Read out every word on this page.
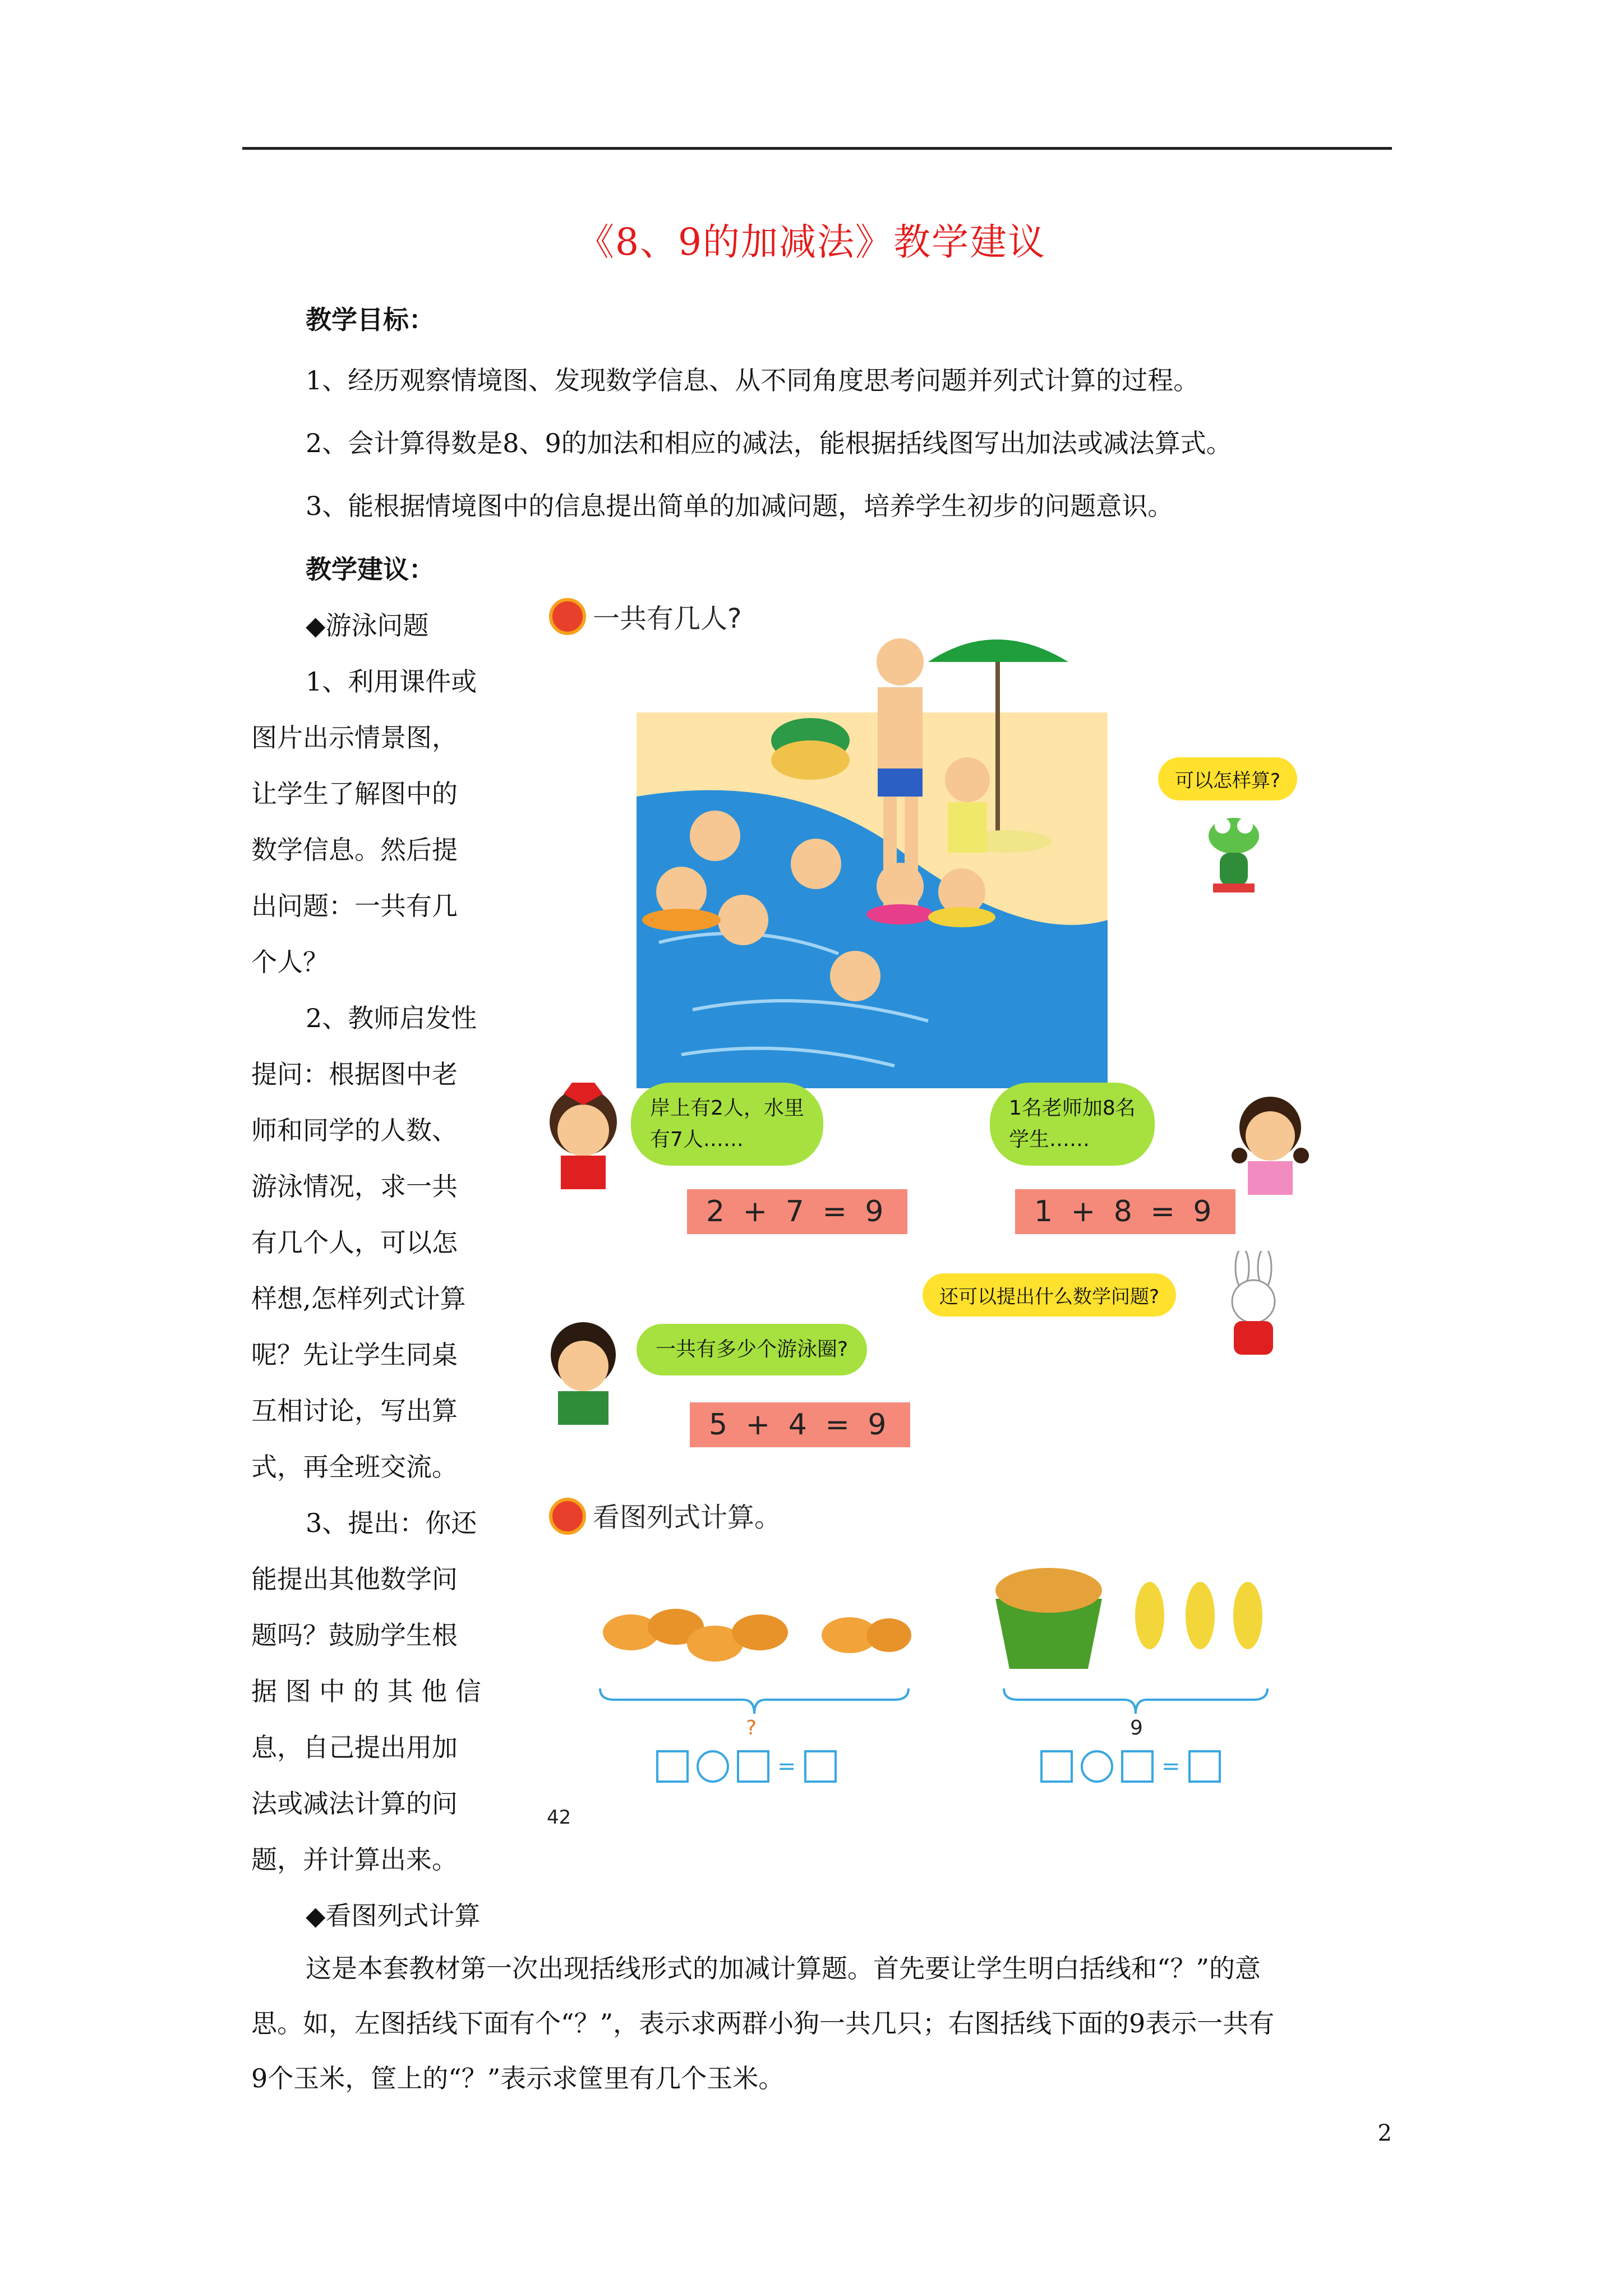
《8、9的加减法》教学建议
教学目标：
1、经历观察情境图、发现数学信息、从不同角度思考问题并列式计算的过程。
2、会计算得数是8、9的加法和相应的减法，能根据括线图写出加法或减法算式。
3、能根据情境图中的信息提出简单的加减问题，培养学生初步的问题意识。
教学建议：
◆游泳问题
1、利用课件或
图片出示情景图，
让学生了解图中的
数学信息。然后提
出问题：一共有几
个人？
2、教师启发性
提问：根据图中老
师和同学的人数、
游泳情况，求一共
有几个人，可以怎
样想,怎样列式计算
呢？先让学生同桌
互相讨论，写出算
式，再全班交流。
3、提出：你还
能提出其他数学问
题吗？鼓励学生根
据 图 中 的 其 他 信
息，自己提出用加
法或减法计算的问
题，并计算出来。
◆看图列式计算
这是本套教材第一次出现括线形式的加减计算题。首先要让学生明白括线和“？”的意
思。如，左图括线下面有个“？”，表示求两群小狗一共几只；右图括线下面的9表示一共有
9个玉米，筐上的“？”表示求筐里有几个玉米。
2
一共有几人?
可以怎样算?
岸上有2人，水里
有7人……
2 + 7 = 9
1名老师加8名
学生……
1 + 8 = 9
还可以提出什么数学问题?
一共有多少个游泳圈?
5 + 4 = 9
看图列式计算。
?
=
9
=
42
